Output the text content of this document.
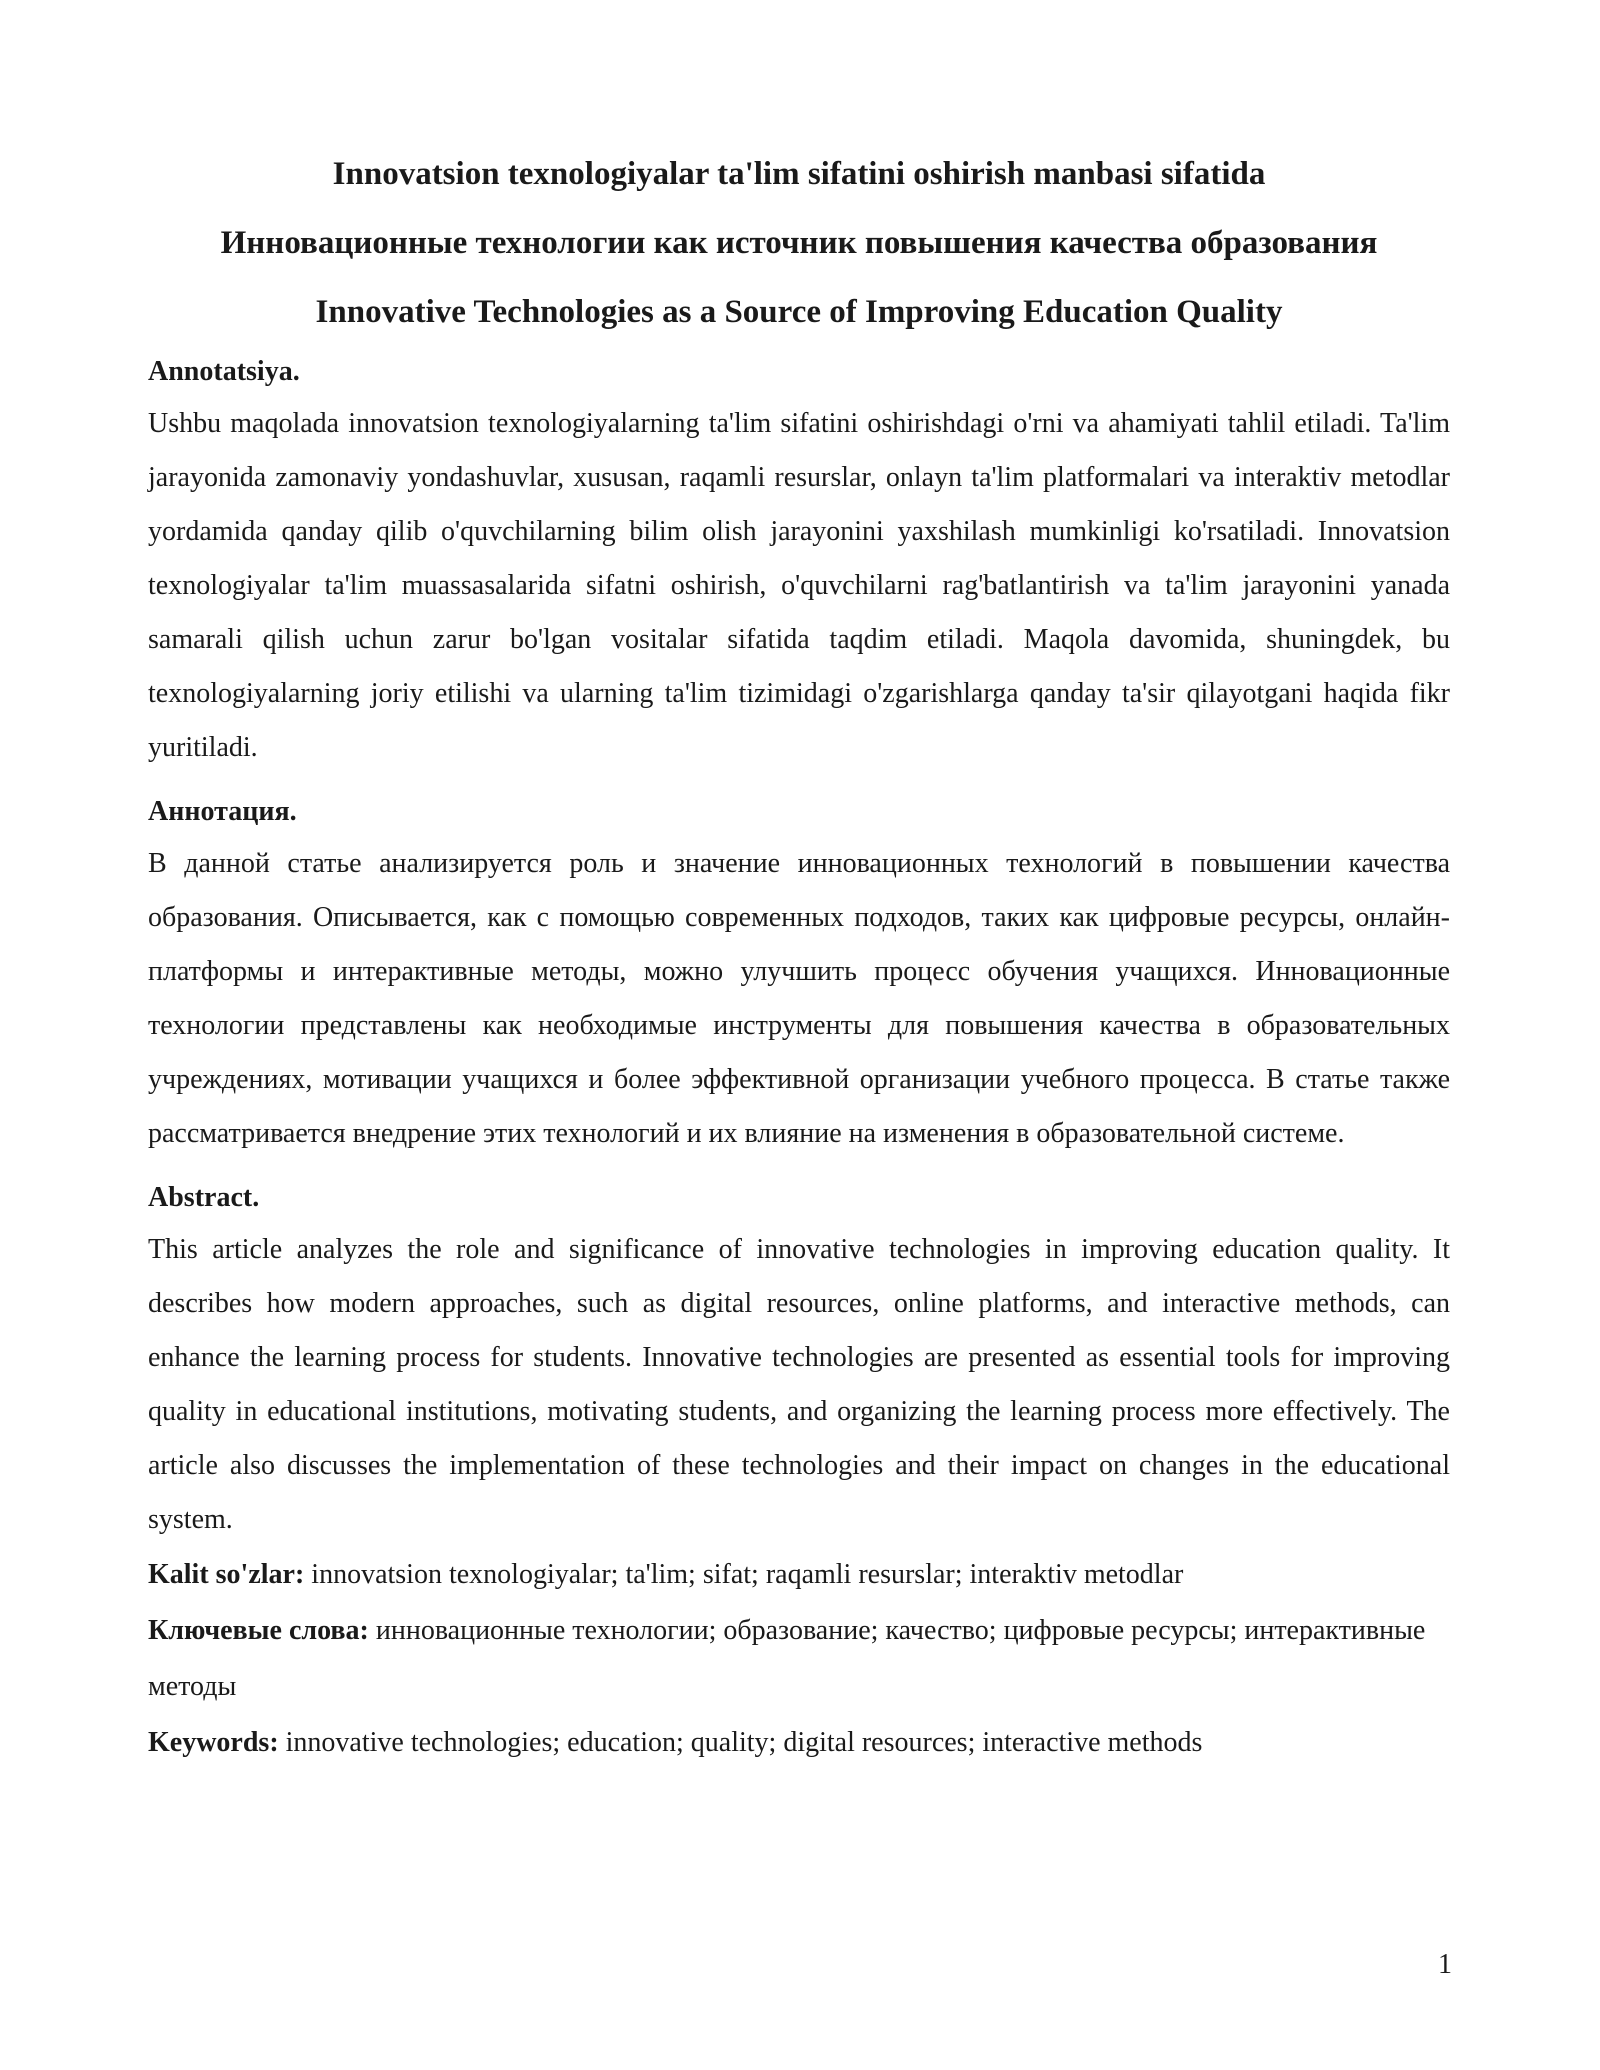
Innovatsion texnologiyalar ta'lim sifatini oshirish manbasi sifatida
Инновационные технологии как источник повышения качества образования
Innovative Technologies as a Source of Improving Education Quality
Annotatsiya.

Ushbu maqolada innovatsion texnologiyalarning ta'lim sifatini oshirishdagi o'rni va ahamiyati tahlil etiladi. Ta'lim jarayonida zamonaviy yondashuvlar, xususan, raqamli resurslar, onlayn ta'lim platformalari va interaktiv metodlar yordamida qanday qilib o'quvchilarning bilim olish jarayonini yaxshilash mumkinligi ko'rsatiladi. Innovatsion texnologiyalar ta'lim muassasalarida sifatni oshirish, o'quvchilarni rag'batlantirish va ta'lim jarayonini yanada samarali qilish uchun zarur bo'lgan vositalar sifatida taqdim etiladi. Maqola davomida, shuningdek, bu texnologiyalarning joriy etilishi va ularning ta'lim tizimidagi o'zgarishlarga qanday ta'sir qilayotgani haqida fikr yuritiladi.

Аннотация.

В данной статье анализируется роль и значение инновационных технологий в повышении качества образования. Описывается, как с помощью современных подходов, таких как цифровые ресурсы, онлайн-платформы и интерактивные методы, можно улучшить процесс обучения учащихся. Инновационные технологии представлены как необходимые инструменты для повышения качества в образовательных учреждениях, мотивации учащихся и более эффективной организации учебного процесса. В статье также рассматривается внедрение этих технологий и их влияние на изменения в образовательной системе.

Abstract.

This article analyzes the role and significance of innovative technologies in improving education quality. It describes how modern approaches, such as digital resources, online platforms, and interactive methods, can enhance the learning process for students. Innovative technologies are presented as essential tools for improving quality in educational institutions, motivating students, and organizing the learning process more effectively. The article also discusses the implementation of these technologies and their impact on changes in the educational system.

Kalit so'zlar: innovatsion texnologiyalar; ta'lim; sifat; raqamli resurslar; interaktiv metodlar

Ключевые слова: инновационные технологии; образование; качество; цифровые ресурсы; интерактивные методы

Keywords: innovative technologies; education; quality; digital resources; interactive methods

1
